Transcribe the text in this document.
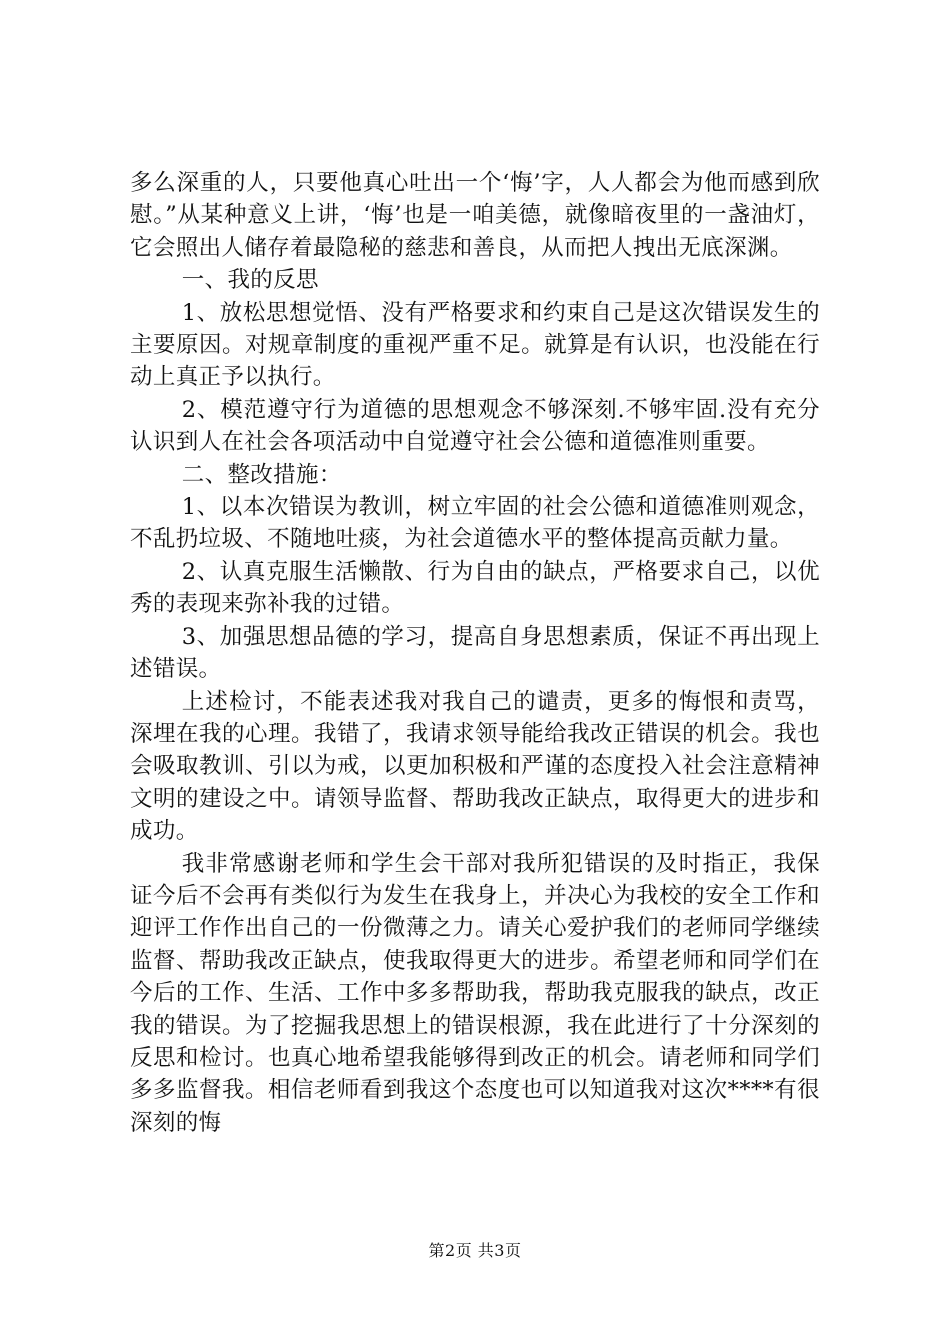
多么深重的人，只要他真心吐出一个‘悔’字，人人都会为他而感到欣慰。”从某种意义上讲，‘悔’也是一咱美德，就像暗夜里的一盏油灯，它会照出人储存着最隐秘的慈悲和善良，从而把人拽出无底深渊。

一、我的反思

1、放松思想觉悟、没有严格要求和约束自己是这次错误发生的主要原因。对规章制度的重视严重不足。就算是有认识，也没能在行动上真正予以执行。

2、模范遵守行为道德的思想观念不够深刻.不够牢固.没有充分认识到人在社会各项活动中自觉遵守社会公德和道德准则重要。

二、整改措施：

1、以本次错误为教训，树立牢固的社会公德和道德准则观念，不乱扔垃圾、不随地吐痰，为社会道德水平的整体提高贡献力量。

2、认真克服生活懒散、行为自由的缺点，严格要求自己，以优秀的表现来弥补我的过错。

3、加强思想品德的学习，提高自身思想素质，保证不再出现上述错误。

上述检讨，不能表述我对我自己的谴责，更多的悔恨和责骂，深埋在我的心理。我错了，我请求领导能给我改正错误的机会。我也会吸取教训、引以为戒，以更加积极和严谨的态度投入社会注意精神文明的建设之中。请领导监督、帮助我改正缺点，取得更大的进步和成功。

我非常感谢老师和学生会干部对我所犯错误的及时指正，我保证今后不会再有类似行为发生在我身上，并决心为我校的安全工作和迎评工作作出自己的一份微薄之力。请关心爱护我们的老师同学继续监督、帮助我改正缺点，使我取得更大的进步。希望老师和同学们在今后的工作、生活、工作中多多帮助我，帮助我克服我的缺点，改正我的错误。为了挖掘我思想上的错误根源，我在此进行了十分深刻的反思和检讨。也真心地希望我能够得到改正的机会。请老师和同学们多多监督我。相信老师看到我这个态度也可以知道我对这次****有很深刻的悔

第2页 共3页
